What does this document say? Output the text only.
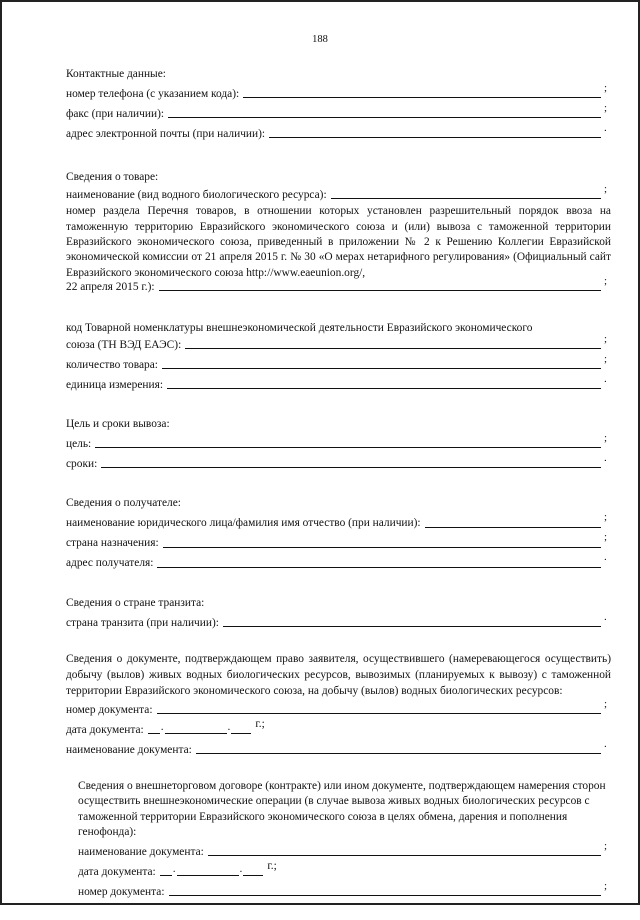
188

Контактные данные:

номер телефона (с указанием кода):	;
факс (при наличии):	;
адрес электронной почты (при наличии):	.

Сведения о товаре:

наименование (вид водного биологического ресурса):	;

номер раздела Перечня товаров, в отношении которых установлен разрешительный порядок ввоза на таможенную территорию Евразийского экономического союза и (или) вывоза с таможенной территории Евразийского экономического союза, приведенный в приложении № 2 к Решению Коллегии Евразийской экономической комиссии от 21 апреля 2015 г. № 30 «О мерах нетарифного регулирования» (Официальный сайт Евразийского экономического союза http://www.eaeunion.org/,

22 апреля 2015 г.):	;

код Товарной номенклатуры внешнеэкономической деятельности Евразийского экономического

союза (ТН ВЭД ЕАЭС):	;
количество товара:	;
единица измерения:	.

Цель и сроки вывоза:

цель:	;
сроки:	.

Сведения о получателе:

наименование юридического лица/фамилия имя отчество (при наличии):	;
страна назначения:	;
адрес получателя:	.

Сведения о стране транзита:

страна транзита (при наличии):	.

Сведения о документе, подтверждающем право заявителя, осуществившего (намеревающегося осуществить) добычу (вылов) живых водных биологических ресурсов, вывозимых (планируемых к вывозу) с таможенной территории Евразийского экономического союза, на добычу (вылов) водных биологических ресурсов:

номер документа:	;
дата документа: .	. г.;
наименование документа:	.

Сведения о внешнеторговом договоре (контракте) или ином документе, подтверждающем намерения сторон осуществить внешнеэкономические операции (в случае вывоза живых водных биологических ресурсов с таможенной территории Евразийского экономического союза в целях обмена, дарения и пополнения генофонда):

наименование документа:	;
дата документа: .	. г.;
номер документа:	;
